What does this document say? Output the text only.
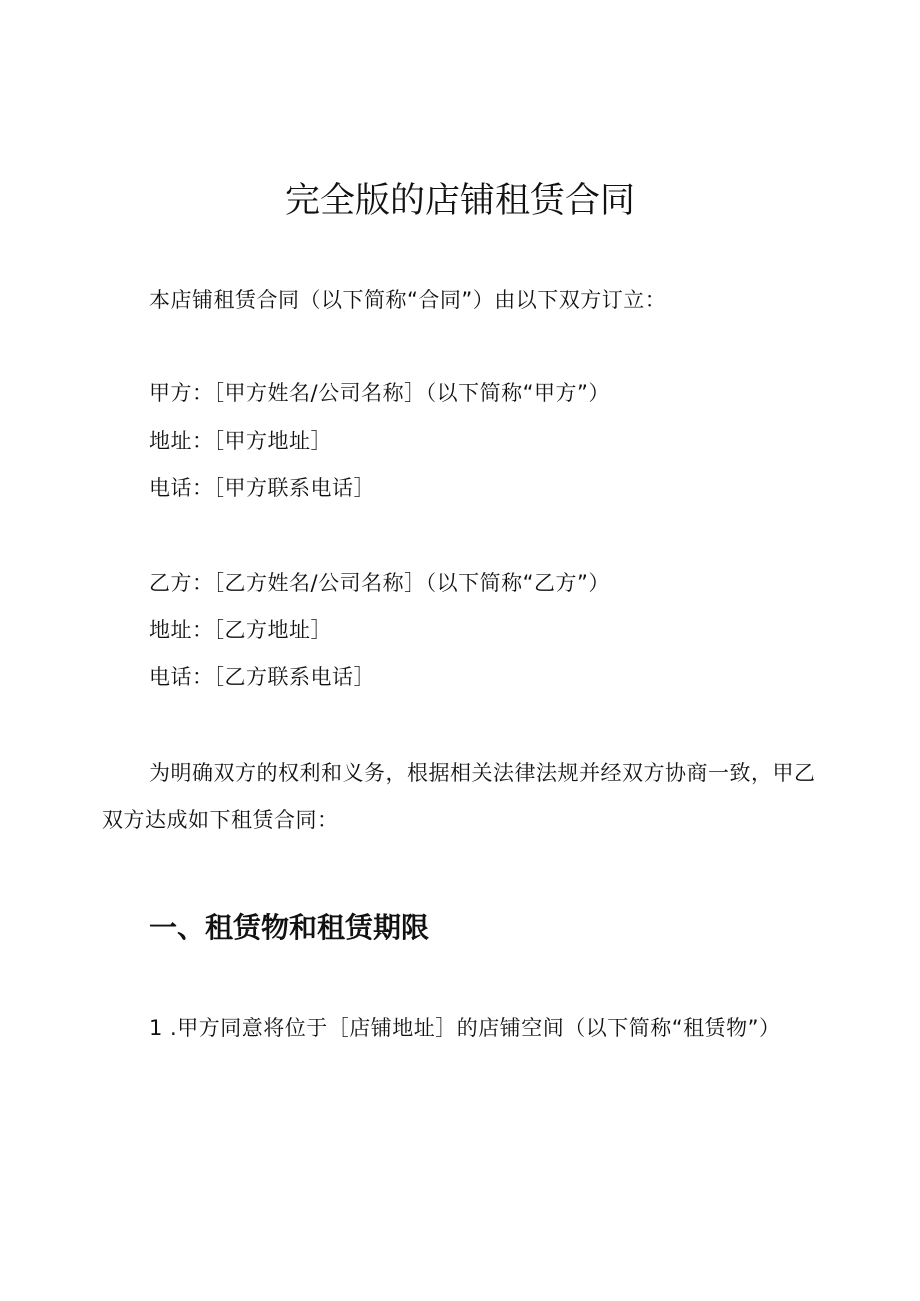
完全版的店铺租赁合同
本店铺租赁合同（以下简称“合同”）由以下双方订立：
甲方：［甲方姓名/公司名称］（以下简称“甲方”）
地址：［甲方地址］
电话：［甲方联系电话］
乙方：［乙方姓名/公司名称］（以下简称“乙方”）
地址：［乙方地址］
电话：［乙方联系电话］
为明确双方的权利和义务，根据相关法律法规并经双方协商一致，甲乙
双方达成如下租赁合同：
一、租赁物和租赁期限
1 .甲方同意将位于［店铺地址］的店铺空间（以下简称“租赁物”）
